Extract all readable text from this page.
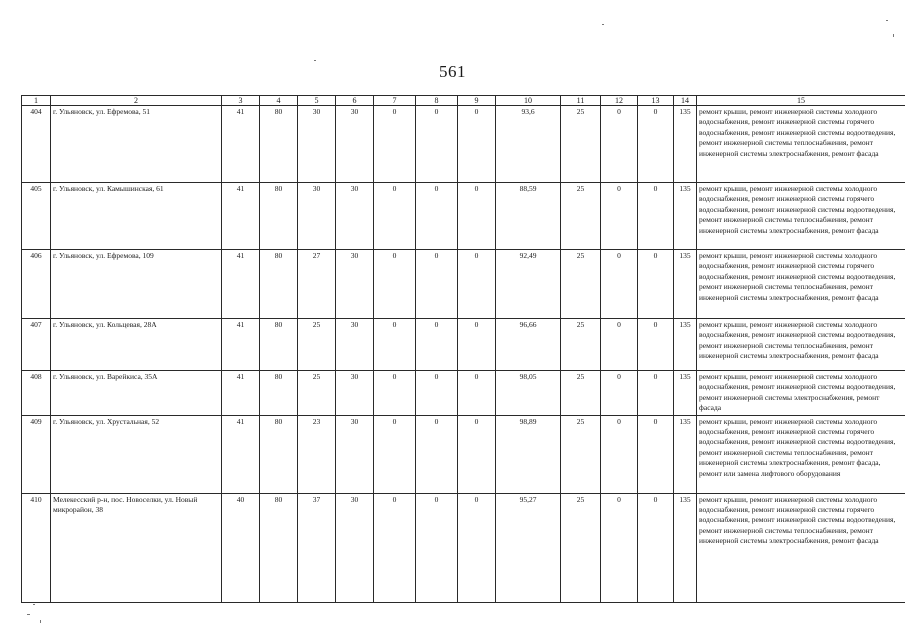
561
1	2	3	4	5	6	7	8	9	10	11	12	13	14	15
404	г. Ульяновск, ул. Ефремова, 51	41	80	30	30	0	0	0	93,6	25	0	0	135	ремонт крыши, ремонт инженерной системы холодного водоснабжения, ремонт инженерной системы горячего водоснабжения, ремонт инженерной системы водоотведения, ремонт инженерной системы теплоснабжения, ремонт инженерной системы электроснабжения, ремонт фасада
405	г. Ульяновск, ул. Камышинская, 61	41	80	30	30	0	0	0	88,59	25	0	0	135	ремонт крыши, ремонт инженерной системы холодного водоснабжения, ремонт инженерной системы горячего водоснабжения, ремонт инженерной системы водоотведения, ремонт инженерной системы теплоснабжения, ремонт инженерной системы электроснабжения, ремонт фасада
406	г. Ульяновск, ул. Ефремова, 109	41	80	27	30	0	0	0	92,49	25	0	0	135	ремонт крыши, ремонт инженерной системы холодного водоснабжения, ремонт инженерной системы горячего водоснабжения, ремонт инженерной системы водоотведения, ремонт инженерной системы теплоснабжения, ремонт инженерной системы электроснабжения, ремонт фасада
407	г. Ульяновск, ул. Кольцевая, 28А	41	80	25	30	0	0	0	96,66	25	0	0	135	ремонт крыши, ремонт инженерной системы холодного водоснабжения, ремонт инженерной системы водоотведения, ремонт инженерной системы теплоснабжения, ремонт инженерной системы электроснабжения, ремонт фасада
408	г. Ульяновск, ул. Варейкиса, 35А	41	80	25	30	0	0	0	98,05	25	0	0	135	ремонт крыши, ремонт инженерной системы холодного водоснабжения, ремонт инженерной системы водоотведения, ремонт инженерной системы электроснабжения, ремонт фасада
409	г. Ульяновск, ул. Хрустальная, 52	41	80	23	30	0	0	0	98,89	25	0	0	135	ремонт крыши, ремонт инженерной системы холодного водоснабжения, ремонт инженерной системы горячего водоснабжения, ремонт инженерной системы водоотведения, ремонт инженерной системы теплоснабжения, ремонт инженерной системы электроснабжения, ремонт фасада, ремонт или замена лифтового оборудования
410	Мелекесский р-н, пос. Новоселки, ул. Новый микрорайон, 38	40	80	37	30	0	0	0	95,27	25	0	0	135	ремонт крыши, ремонт инженерной системы холодного водоснабжения, ремонт инженерной системы горячего водоснабжения, ремонт инженерной системы водоотведения, ремонт инженерной системы теплоснабжения, ремонт инженерной системы электроснабжения, ремонт фасада
